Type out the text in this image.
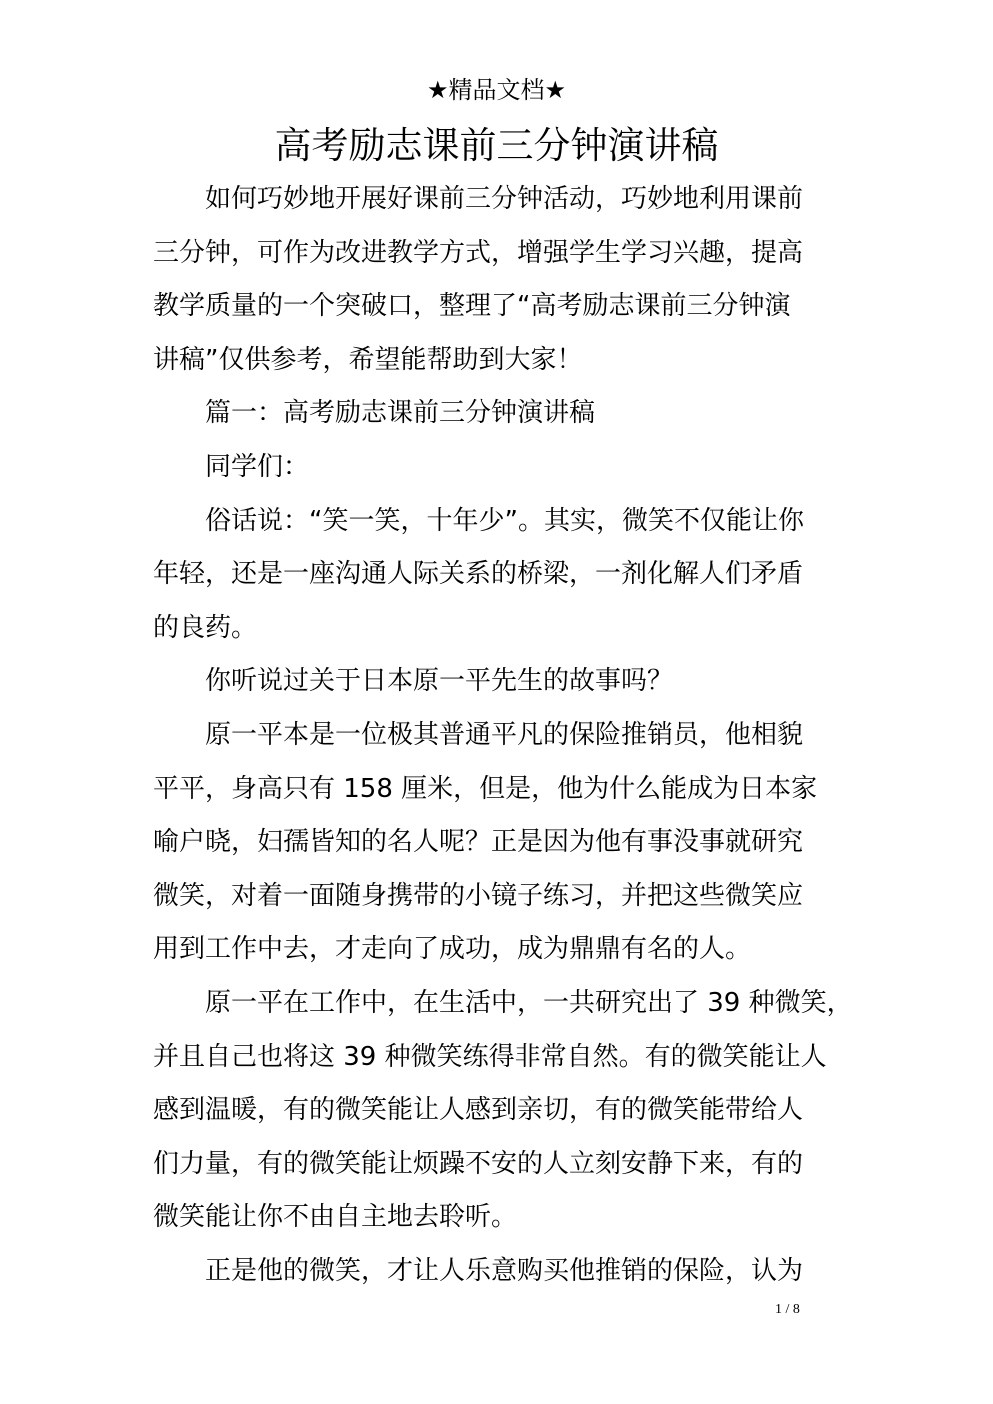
★精品文档★
高考励志课前三分钟演讲稿
如何巧妙地开展好课前三分钟活动，巧妙地利用课前
三分钟，可作为改进教学方式，增强学生学习兴趣，提高
教学质量的一个突破口，整理了“高考励志课前三分钟演
讲稿”仅供参考，希望能帮助到大家！
篇一：高考励志课前三分钟演讲稿
同学们：
俗话说：“笑一笑，十年少”。其实，微笑不仅能让你
年轻，还是一座沟通人际关系的桥梁，一剂化解人们矛盾
的良药。
你听说过关于日本原一平先生的故事吗？
原一平本是一位极其普通平凡的保险推销员，他相貌
平平，身高只有 158 厘米，但是，他为什么能成为日本家
喻户晓，妇孺皆知的名人呢？正是因为他有事没事就研究
微笑，对着一面随身携带的小镜子练习，并把这些微笑应
用到工作中去，才走向了成功，成为鼎鼎有名的人。
原一平在工作中，在生活中，一共研究出了 39 种微笑，
并且自己也将这 39 种微笑练得非常自然。有的微笑能让人
感到温暖，有的微笑能让人感到亲切，有的微笑能带给人
们力量，有的微笑能让烦躁不安的人立刻安静下来，有的
微笑能让你不由自主地去聆听。
正是他的微笑，才让人乐意购买他推销的保险，认为
1 / 8
